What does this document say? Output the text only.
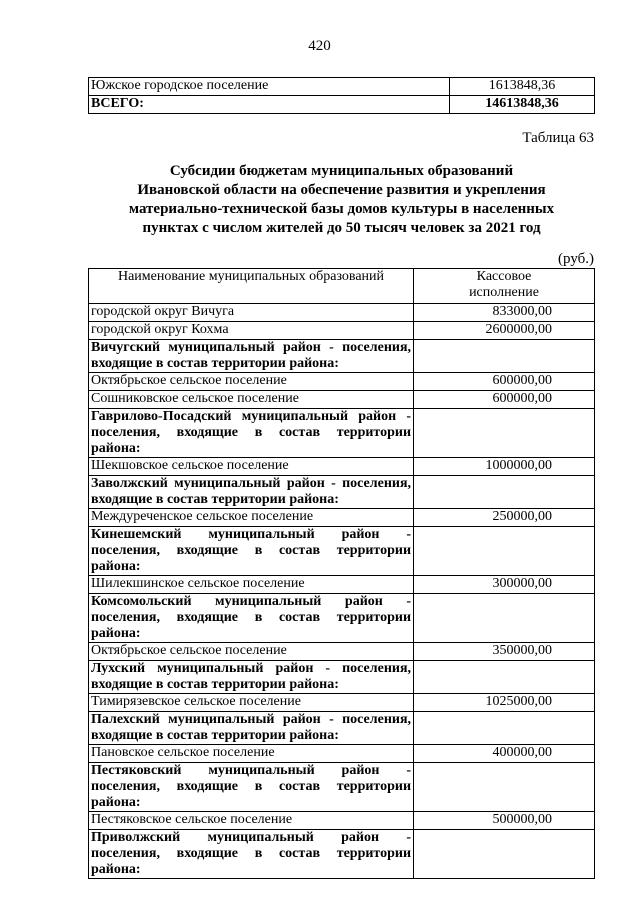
420
Южское городское поселение	1613848,36
ВСЕГО:	14613848,36
Таблица 63
Субсидии бюджетам муниципальных образований
Ивановской области на обеспечение развития и укрепления
материально-технической базы домов культуры в населенных
пунктах с числом жителей до 50 тысяч человек за 2021 год
(руб.)
Наименование муниципальных образований	Кассовое
исполнение

городской округ Вичуга	833000,00
городской округ Кохма	2600000,00
Вичугский муниципальный район - поселения, входящие в состав территории района:	
Октябрьское сельское поселение	600000,00
Сошниковское сельское поселение	600000,00
Гаврилово-Посадский муниципальный район - поселения, входящие в состав территории района:	
Шекшовское сельское поселение	1000000,00
Заволжский муниципальный район - поселения, входящие в состав территории района:	
Междуреченское сельское поселение	250000,00
Кинешемский муниципальный район - поселения, входящие в состав территории района:	
Шилекшинское сельское поселение	300000,00
Комсомольский муниципальный район - поселения, входящие в состав территории района:	
Октябрьское сельское поселение	350000,00
Лухский муниципальный район - поселения, входящие в состав территории района:	
Тимирязевское сельское поселение	1025000,00
Палехский муниципальный район - поселения, входящие в состав территории района:	
Пановское сельское поселение	400000,00
Пестяковский муниципальный район - поселения, входящие в состав территории района:	
Пестяковское сельское поселение	500000,00
Приволжский муниципальный район - поселения, входящие в состав территории района:	
